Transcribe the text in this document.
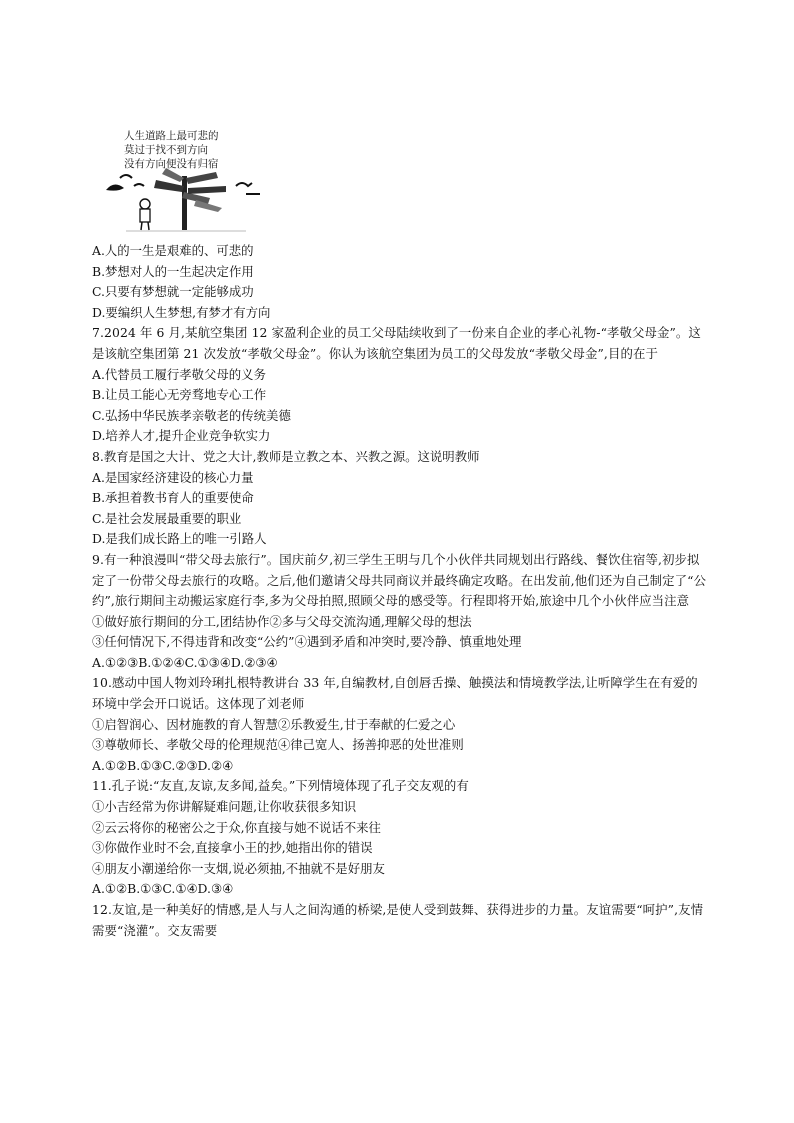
人生道路上最可悲的
莫过于找不到方向
没有方向便没有归宿
A.人的一生是艰难的、可悲的
B.梦想对人的一生起决定作用
C.只要有梦想就一定能够成功
D.要编织人生梦想,有梦才有方向
7.2024 年 6 月,某航空集团 12 家盈利企业的员工父母陆续收到了一份来自企业的孝心礼物-“孝敬父母金”。这是该航空集团第 21 次发放“孝敬父母金”。你认为该航空集团为员工的父母发放“孝敬父母金”,目的在于
A.代替员工履行孝敬父母的义务
B.让员工能心无旁骛地专心工作
C.弘扬中华民族孝亲敬老的传统美德
D.培养人才,提升企业竞争软实力
8.教育是国之大计、党之大计,教师是立教之本、兴教之源。这说明教师
A.是国家经济建设的核心力量
B.承担着教书育人的重要使命
C.是社会发展最重要的职业
D.是我们成长路上的唯一引路人
9.有一种浪漫叫“带父母去旅行”。国庆前夕,初三学生王明与几个小伙伴共同规划出行路线、餐饮住宿等,初步拟定了一份带父母去旅行的攻略。之后,他们邀请父母共同商议并最终确定攻略。在出发前,他们还为自己制定了“公约”,旅行期间主动搬运家庭行李,多为父母拍照,照顾父母的感受等。行程即将开始,旅途中几个小伙伴应当注意
①做好旅行期间的分工,团结协作②多与父母交流沟通,理解父母的想法
③任何情况下,不得违背和改变“公约”④遇到矛盾和冲突时,要冷静、慎重地处理
A.①②③B.①②④C.①③④D.②③④
10.感动中国人物刘玲琍扎根特教讲台 33 年,自编教材,自创唇舌操、触摸法和情境教学法,让听障学生在有爱的环境中学会开口说话。这体现了刘老师
①启智润心、因材施教的育人智慧②乐教爱生,甘于奉献的仁爱之心
③尊敬师长、孝敬父母的伦理规范④律己宽人、扬善抑恶的处世准则
A.①②B.①③C.②③D.②④
11.孔子说:“友直,友谅,友多闻,益矣。”下列情境体现了孔子交友观的有
①小吉经常为你讲解疑难问题,让你收获很多知识
②云云将你的秘密公之于众,你直接与她不说话不来往
③你做作业时不会,直接拿小王的抄,她指出你的错误
④朋友小潮递给你一支烟,说必须抽,不抽就不是好朋友
A.①②B.①③C.①④D.③④
12.友谊,是一种美好的情感,是人与人之间沟通的桥梁,是使人受到鼓舞、获得进步的力量。友谊需要“呵护”,友情需要“浇灌”。交友需要
